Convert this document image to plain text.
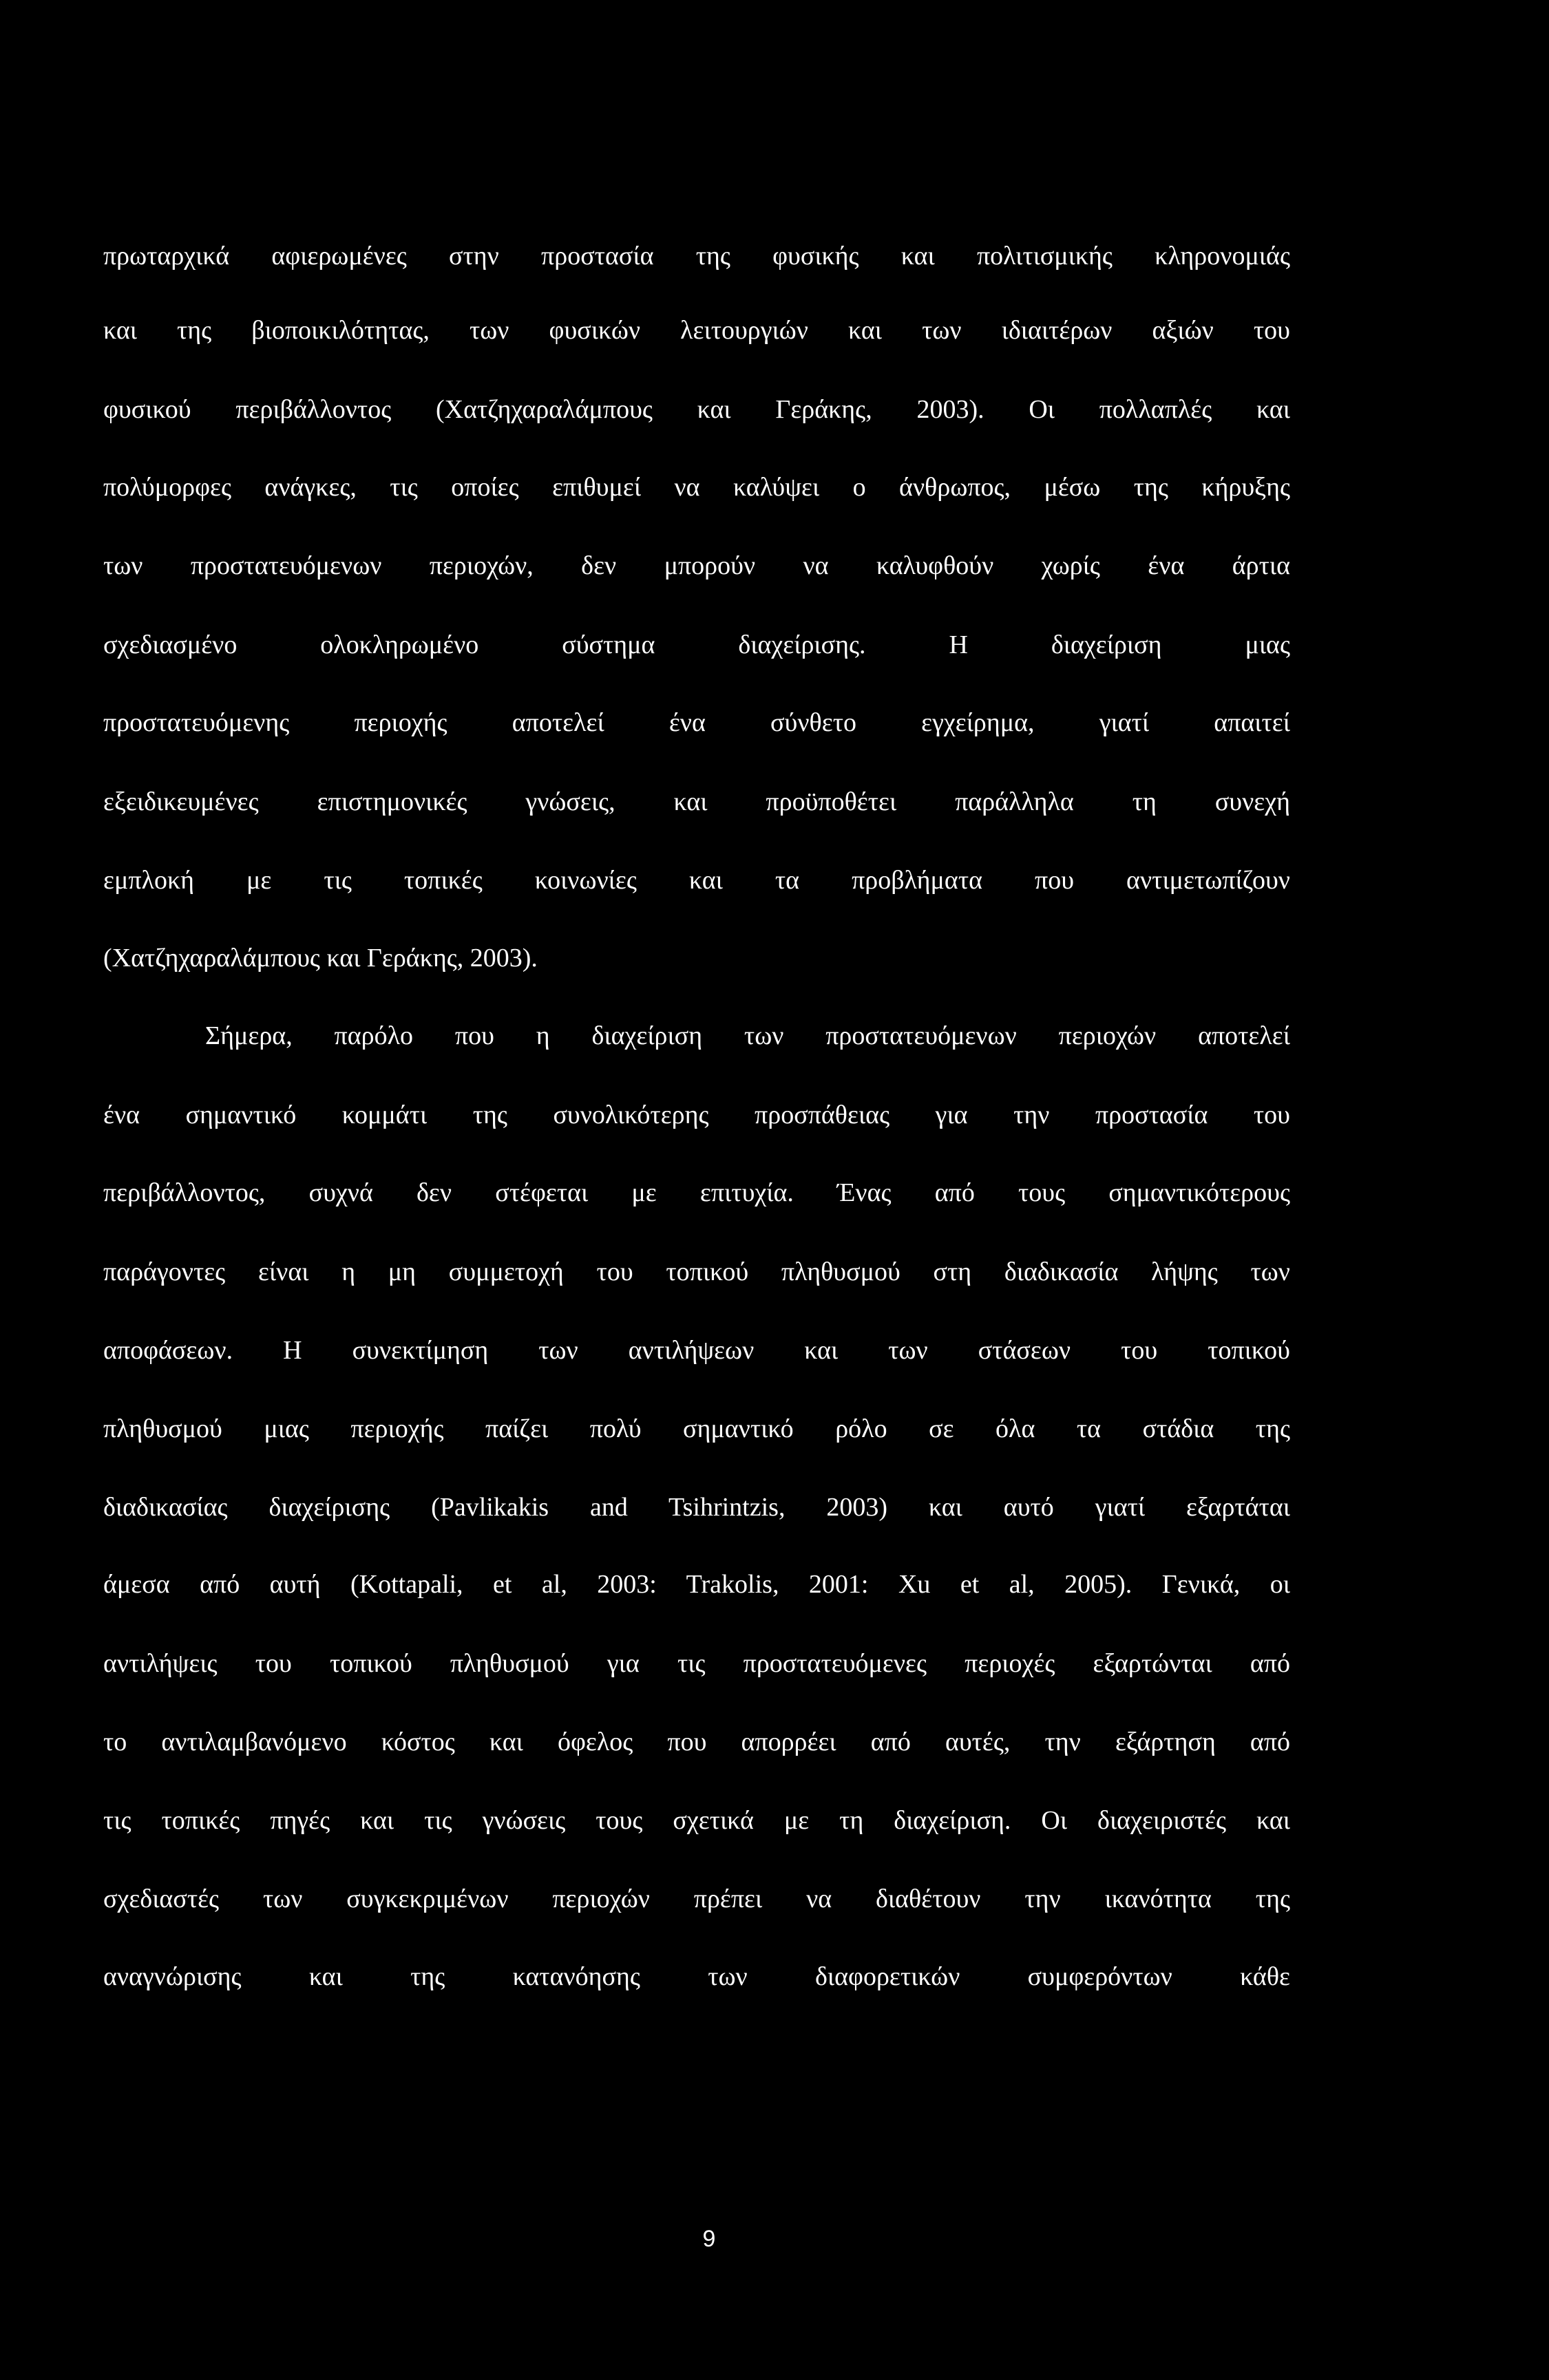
πρωταρχικά αφιερωμένες στην προστασία της φυσικής και πολιτισμικής κληρονομιάς
και της βιοποικιλότητας, των φυσικών λειτουργιών και των ιδιαιτέρων αξιών του
φυσικού περιβάλλοντος (Χατζηχαραλάμπους και Γεράκης, 2003). Οι πολλαπλές και
πολύμορφες ανάγκες, τις οποίες επιθυμεί να καλύψει ο άνθρωπος, μέσω της κήρυξης
των προστατευόμενων περιοχών, δεν μπορούν να καλυφθούν χωρίς ένα άρτια
σχεδιασμένο ολοκληρωμένο σύστημα διαχείρισης. Η διαχείριση μιας
προστατευόμενης περιοχής αποτελεί ένα σύνθετο εγχείρημα, γιατί απαιτεί
εξειδικευμένες επιστημονικές γνώσεις, και προϋποθέτει παράλληλα τη συνεχή
εμπλοκή με τις τοπικές κοινωνίες και τα προβλήματα που αντιμετωπίζουν
(Χατζηχαραλάμπους και Γεράκης, 2003).
Σήμερα, παρόλο που η διαχείριση των προστατευόμενων περιοχών αποτελεί
ένα σημαντικό κομμάτι της συνολικότερης προσπάθειας για την προστασία του
περιβάλλοντος, συχνά δεν στέφεται με επιτυχία. Ένας από τους σημαντικότερους
παράγοντες είναι η μη συμμετοχή του τοπικού πληθυσμού στη διαδικασία λήψης των
αποφάσεων. Η συνεκτίμηση των αντιλήψεων και των στάσεων του τοπικού
πληθυσμού μιας περιοχής παίζει πολύ σημαντικό ρόλο σε όλα τα στάδια της
διαδικασίας διαχείρισης (Pavlikakis and Tsihrintzis, 2003) και αυτό γιατί εξαρτάται
άμεσα από αυτή (Kottapali, et al, 2003: Trakolis, 2001: Xu et al, 2005). Γενικά, οι
αντιλήψεις του τοπικού πληθυσμού για τις προστατευόμενες περιοχές εξαρτώνται από
το αντιλαμβανόμενο κόστος και όφελος που απορρέει από αυτές, την εξάρτηση από
τις τοπικές πηγές και τις γνώσεις τους σχετικά με τη διαχείριση. Οι διαχειριστές και
σχεδιαστές των συγκεκριμένων περιοχών πρέπει να διαθέτουν την ικανότητα της
αναγνώρισης και της κατανόησης των διαφορετικών συμφερόντων κάθε
9
